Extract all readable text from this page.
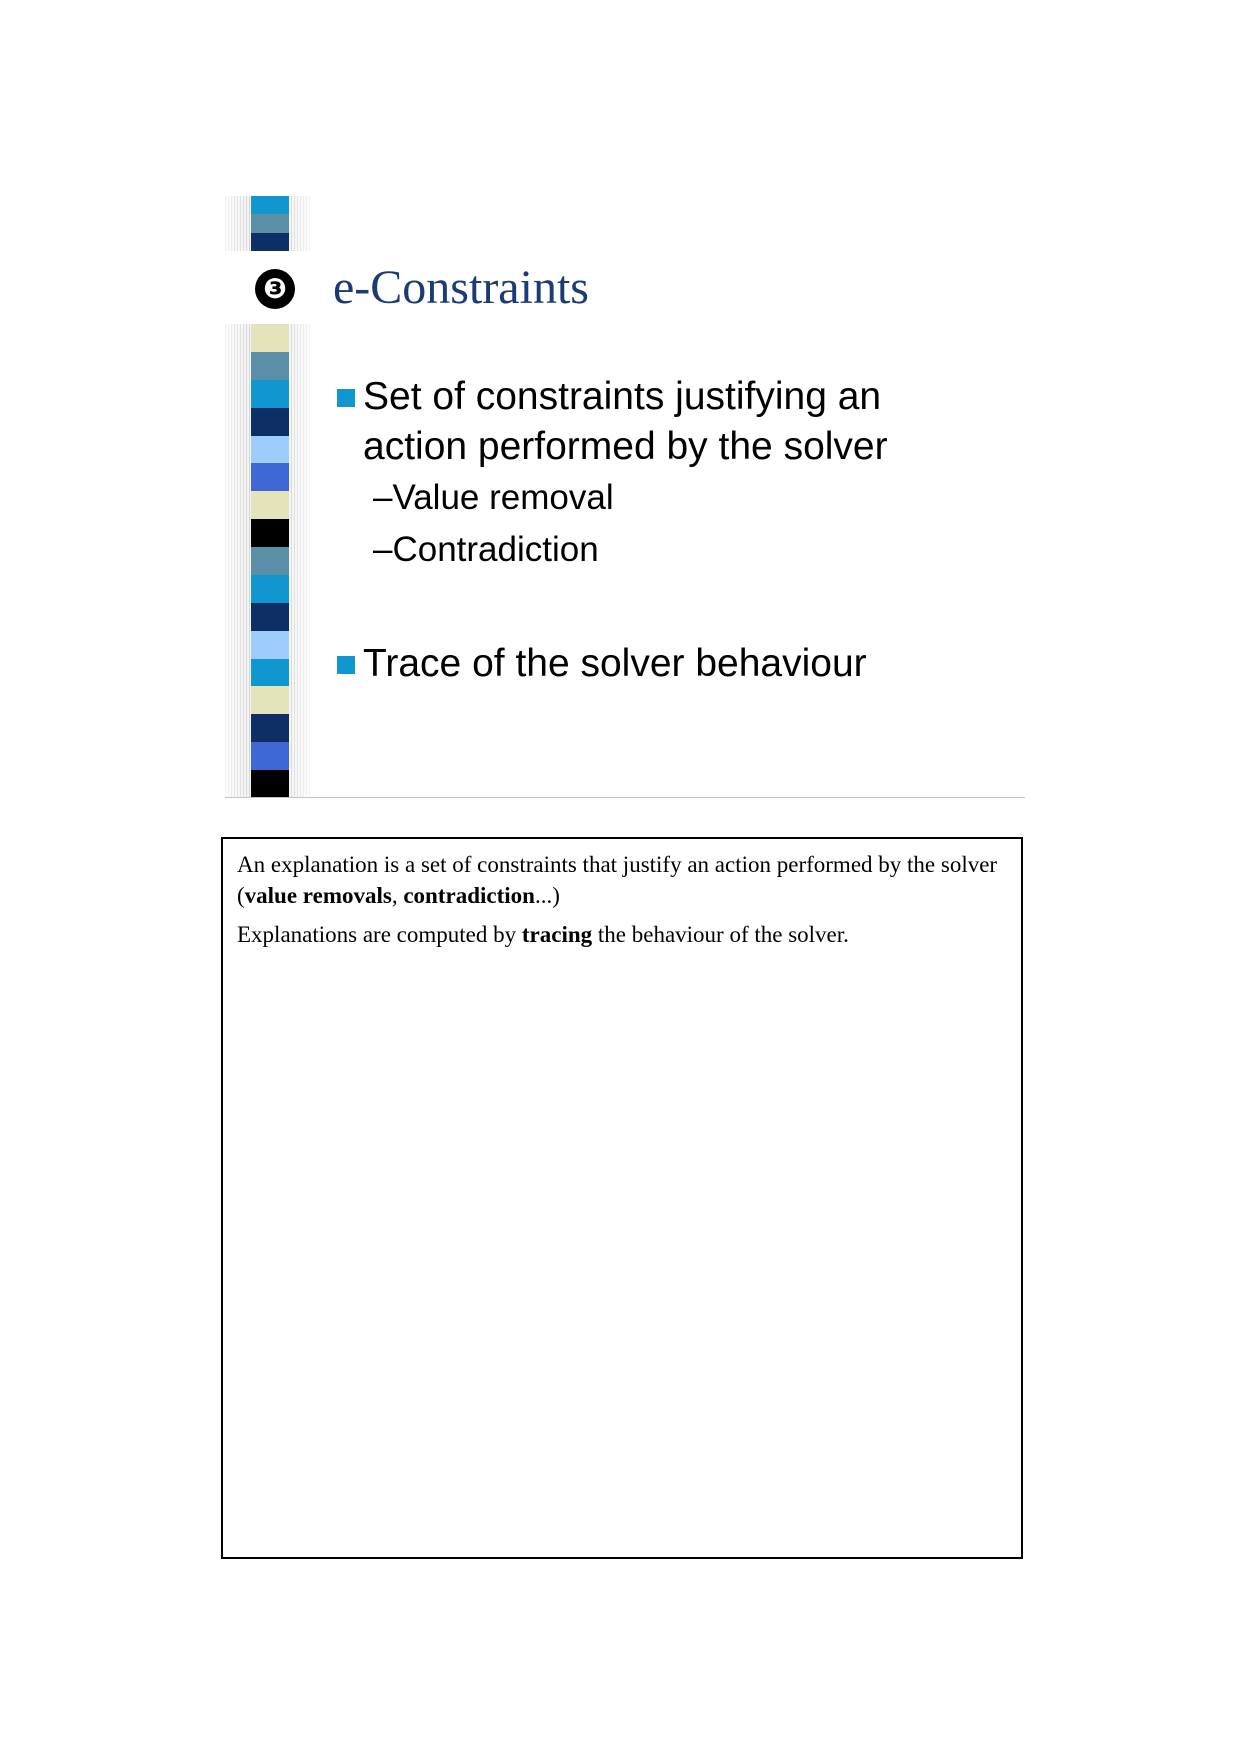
❸ e-Constraints
Set of constraints justifying an
action performed by the solver
–Value removal
–Contradiction
Trace of the solver behaviour

An explanation is a set of constraints that justify an action performed by the solver (value removals, contradiction...)

Explanations are computed by tracing the behaviour of the solver.
